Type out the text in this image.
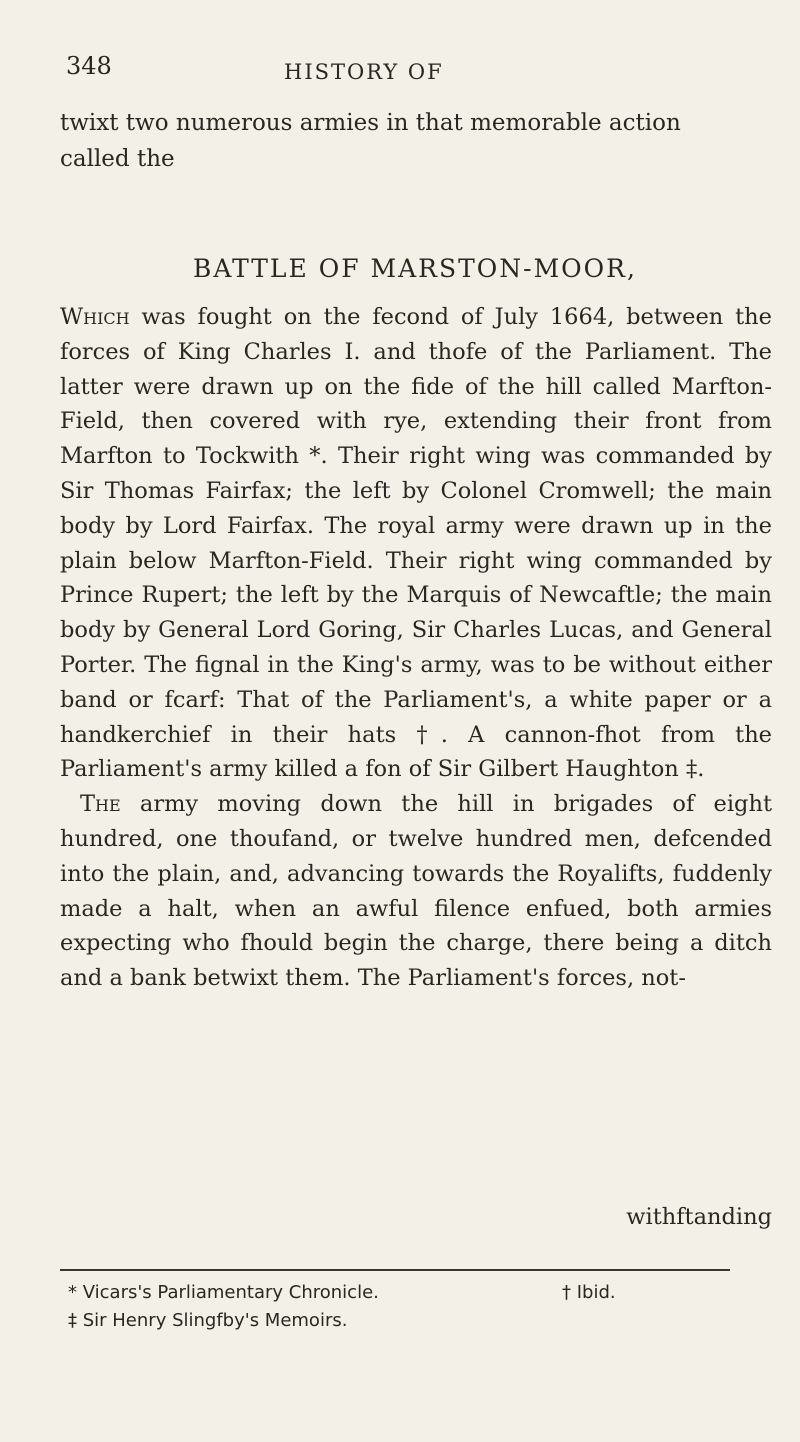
348	HISTORY OF
twixt two numerous armies in that memorable action
called the
BATTLE OF MARSTON-MOOR,

Which was fought on the fecond of July 1664, between the forces of King Charles I. and thofe of the Parliament. The latter were drawn up on the fide of the hill called Marfton-Field, then covered with rye, extending their front from Marfton to Tockwith *. Their right wing was commanded by Sir Thomas Fairfax; the left by Colonel Cromwell; the main body by Lord Fairfax. The royal army were drawn up in the plain below Marfton-Field. Their right wing commanded by Prince Rupert; the left by the Marquis of Newcaftle; the main body by General Lord Goring, Sir Charles Lucas, and General Porter. The fignal in the King's army, was to be without either band or fcarf: That of the Parliament's, a white paper or a handkerchief in their hats †. A cannon-fhot from the Parliament's army killed a fon of Sir Gilbert Haughton ‡.

The army moving down the hill in brigades of eight hundred, one thoufand, or twelve hundred men, defcended into the plain, and, advancing towards the Royalifts, fuddenly made a halt, when an awful filence enfued, both armies expecting who fhould begin the charge, there being a ditch and a bank betwixt them. The Parliament's forces, not-

withftanding
* Vicars's Parliamentary Chronicle.	† Ibid.
‡ Sir Henry Slingfby's Memoirs.
